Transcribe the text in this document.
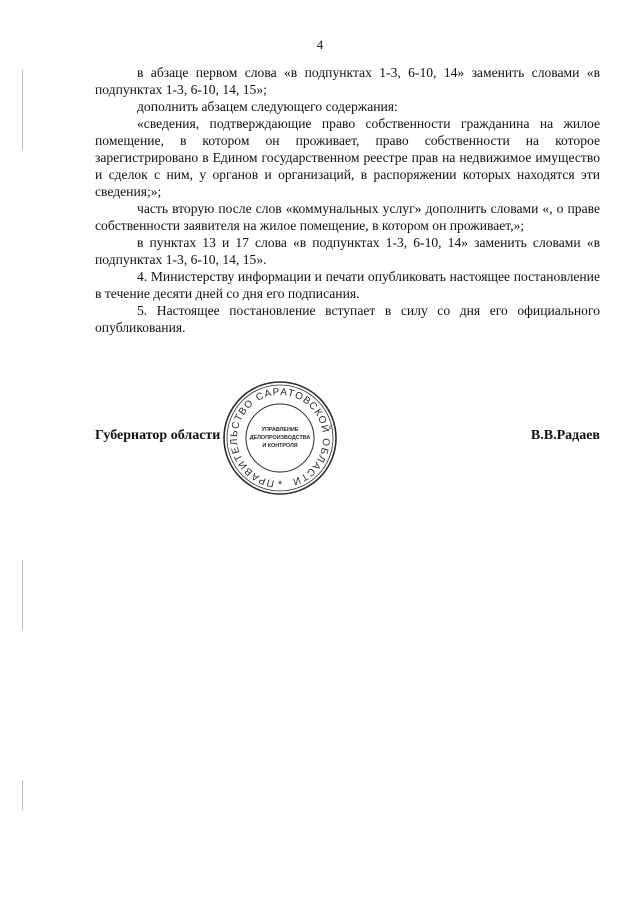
4

в абзаце первом слова «в подпунктах 1-3, 6-10, 14» заменить словами «в подпунктах 1-3, 6-10, 14, 15»;

дополнить абзацем следующего содержания:

«сведения, подтверждающие право собственности гражданина на жилое помещение, в котором он проживает, право собственности на которое зарегистрировано в Едином государственном реестре прав на недвижимое имущество и сделок с ним, у органов и организаций, в распоряжении которых находятся эти сведения;»;

часть вторую после слов «коммунальных услуг» дополнить словами «, о праве собственности заявителя на жилое помещение, в котором он проживает,»;

в пунктах 13 и 17 слова «в подпунктах 1-3, 6-10, 14» заменить словами «в подпунктах 1-3, 6-10, 14, 15».

4. Министерству информации и печати опубликовать настоящее постановление в течение десяти дней со дня его подписания.

5. Настоящее постановление вступает в силу со дня его официального опубликования.

Губернатор области	В.В.Радаев
ПРАВИТЕЛЬСТВО САРАТОВСКОЙ ОБЛАСТИ
УПРАВЛЕНИЕ
ДЕЛОПРОИЗВОДСТВА
И КОНТРОЛЯ
*
